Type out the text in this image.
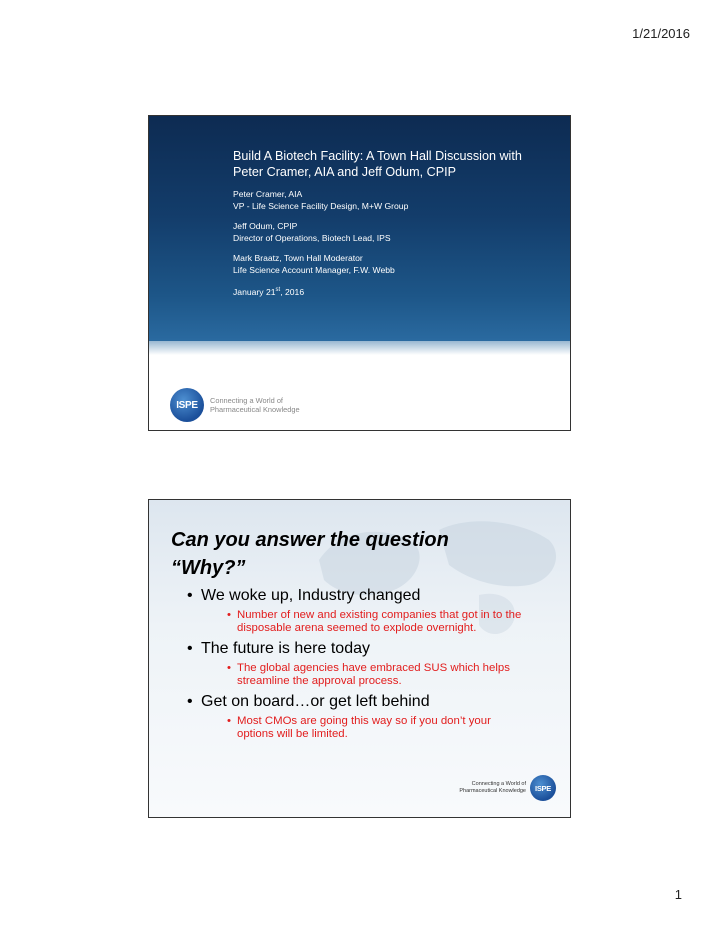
1/21/2016
Build A Biotech Facility: A Town Hall Discussion with Peter Cramer, AIA and Jeff Odum, CPIP
Peter Cramer, AIA
VP - Life Science Facility Design, M+W Group
Jeff Odum, CPIP
Director of Operations, Biotech Lead, IPS
Mark Braatz, Town Hall Moderator
Life Science Account Manager, F.W. Webb
January 21st, 2016
ISPE	Connecting a World of
Pharmaceutical Knowledge
Can you answer the question
“Why?”
• We woke up, Industry changed
• Number of new and existing companies that got in to the disposable arena seemed to explode overnight.
• The future is here today
• The global agencies have embraced SUS which helps streamline the approval process.
• Get on board…or get left behind
• Most CMOs are going this way so if you don’t your options will be limited.
Connecting a World of
Pharmaceutical Knowledge	ISPE
1
